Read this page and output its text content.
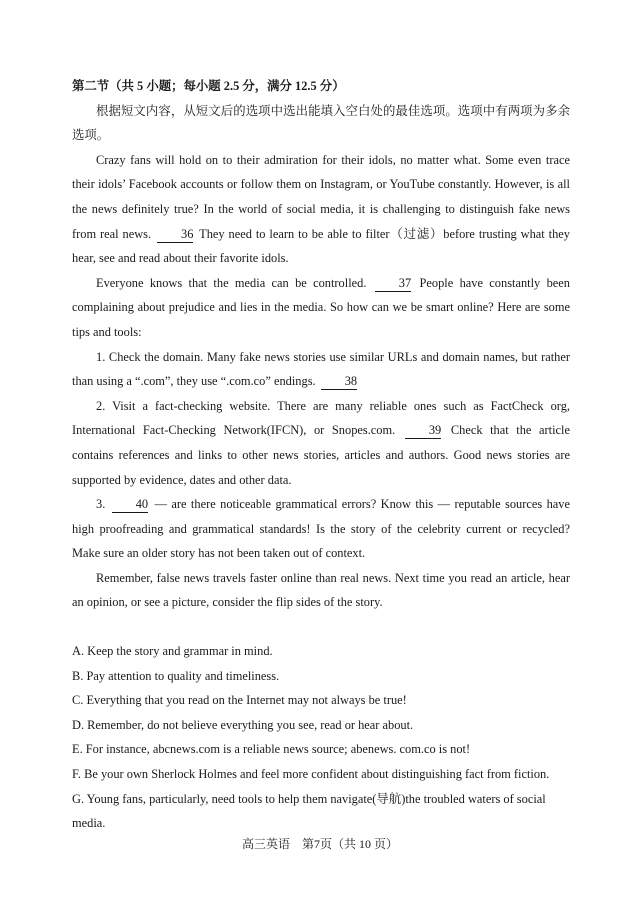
第二节（共 5 小题；每小题 2.5 分，满分 12.5 分）

根据短文内容，从短文后的选项中选出能填入空白处的最佳选项。选项中有两项为多余选项。

Crazy fans will hold on to their admiration for their idols, no matter what. Some even trace their idols’ Facebook accounts or follow them on Instagram, or YouTube constantly. However, is all the news definitely true? In the world of social media, it is challenging to distinguish fake news from real news. 36 They need to learn to be able to filter（过滤）before trusting what they hear, see and read about their favorite idols.

Everyone knows that the media can be controlled.	37 People have constantly been complaining about prejudice and lies in the media. So how can we be smart online? Here are some tips and tools:

1. Check the domain. Many fake news stories use similar URLs and domain names, but rather than using a “.com”, they use “.com.co” endings. 38

2. Visit a fact-checking website. There are many reliable ones such as FactCheck org, International Fact-Checking Network(IFCN), or Snopes.com.	39 Check that the article contains references and links to other news stories, articles and authors. Good news stories are supported by evidence, dates and other data.

3. 40 — are there noticeable grammatical errors? Know this — reputable sources have high proofreading and grammatical standards! Is the story of the celebrity current or recycled? Make sure an older story has not been taken out of context.

Remember, false news travels faster online than real news. Next time you read an article, hear an opinion, or see a picture, consider the flip sides of the story.

A. Keep the story and grammar in mind.

B. Pay attention to quality and timeliness.

C. Everything that you read on the Internet may not always be true!

D. Remember, do not believe everything you see, read or hear about.

E. For instance, abcnews.com is a reliable news source; abenews. com.co is not!

F. Be your own Sherlock Holmes and feel more confident about distinguishing fact from fiction.

G. Young fans, particularly, need tools to help them navigate(导航)the troubled waters of social media.

高三英语　第7页（共 10 页）
